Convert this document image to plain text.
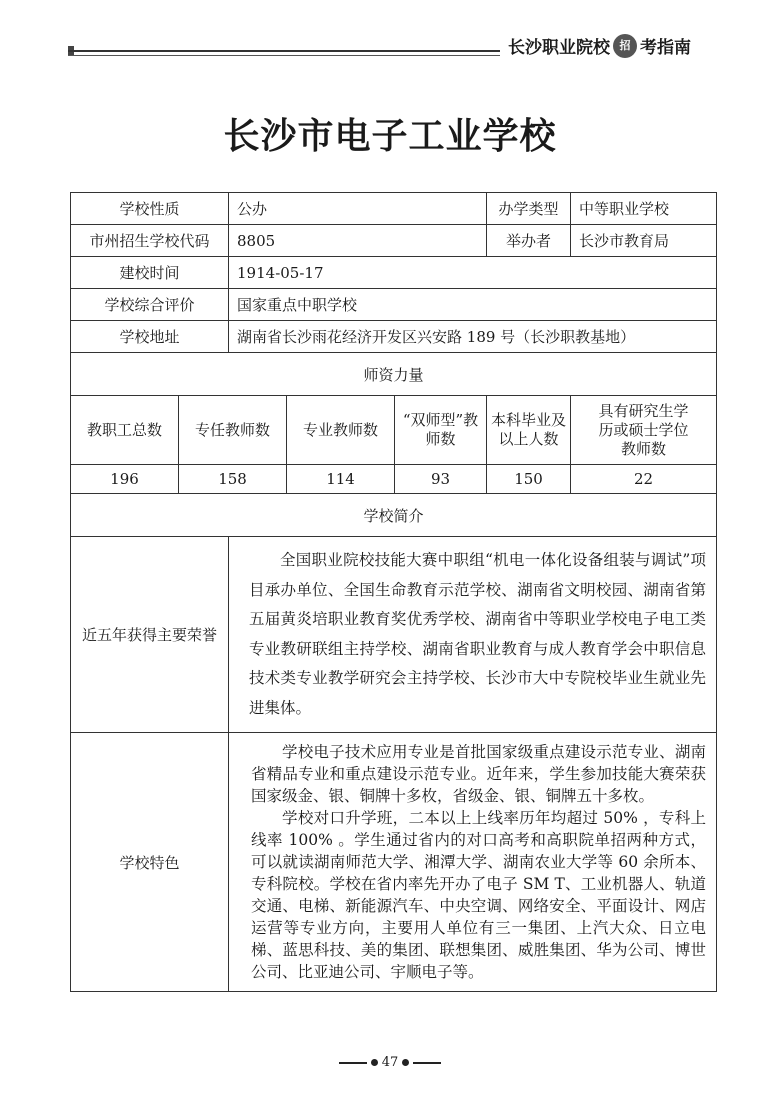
长沙职业院校 招 考指南
长沙市电子工业学校
学校性质		公办			办学类型	中等职业学校
市州招生学校代码		8805			举办者	长沙市教育局
建校时间		1914-05-17				
学校综合评价		国家重点中职学校				
学校地址		湖南省长沙雨花经济开发区兴安路 189 号（长沙职教基地）				
师资力量						
教职工总数	专任教师数		专业教师数	“双师型”教师数	本科毕业及以上人数	具有研究生学历或硕士学位教师数
196	158		114	93	150	22
学校简介						
近五年获得主要荣誉		全国职业院校技能大赛中职组“机电一体化设备组装与调试”项目承办单位、全国生命教育示范学校、湖南省文明校园、湖南省第五届黄炎培职业教育奖优秀学校、湖南省中等职业学校电子电工类专业教研联组主持学校、湖南省职业教育与成人教育学会中职信息技术类专业教学研究会主持学校、长沙市大中专院校毕业生就业先进集体。				
学校特色		学校电子技术应用专业是首批国家级重点建设示范专业、湖南省精品专业和重点建设示范专业。近年来，学生参加技能大赛荣获国家级金、银、铜牌十多枚，省级金、银、铜牌五十多枚。

学校对口升学班，二本以上上线率历年均超过 50% ，专科上线率 100% 。学生通过省内的对口高考和高职院单招两种方式，可以就读湖南师范大学、湘潭大学、湖南农业大学等 60 余所本、专科院校。学校在省内率先开办了电子 SM T、工业机器人、轨道交通、电梯、新能源汽车、中央空调、网络安全、平面设计、网店运营等专业方向，主要用人单位有三一集团、上汽大众、日立电梯、蓝思科技、美的集团、联想集团、威胜集团、华为公司、博世公司、比亚迪公司、宇顺电子等。				

47
